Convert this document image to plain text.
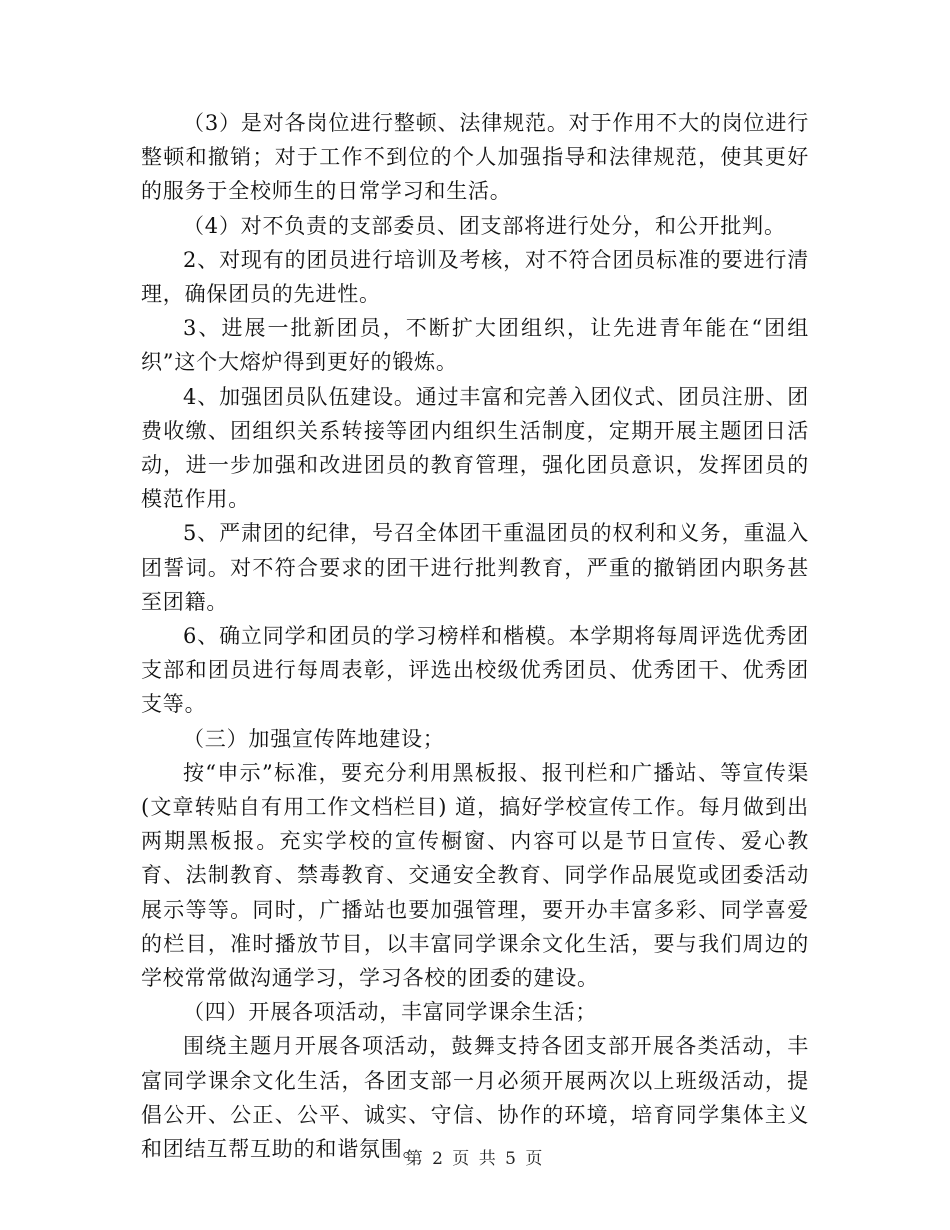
（3）是对各岗位进行整顿、法律规范。对于作用不大的岗位进行整顿和撤销；对于工作不到位的个人加强指导和法律规范，使其更好的服务于全校师生的日常学习和生活。

（4）对不负责的支部委员、团支部将进行处分，和公开批判。

2、对现有的团员进行培训及考核，对不符合团员标准的要进行清理，确保团员的先进性。

3、进展一批新团员，不断扩大团组织，让先进青年能在“团组织”这个大熔炉得到更好的锻炼。

4、加强团员队伍建设。通过丰富和完善入团仪式、团员注册、团费收缴、团组织关系转接等团内组织生活制度，定期开展主题团日活动，进一步加强和改进团员的教育管理，强化团员意识，发挥团员的模范作用。

5、严肃团的纪律，号召全体团干重温团员的权利和义务，重温入团誓词。对不符合要求的团干进行批判教育，严重的撤销团内职务甚至团籍。

6、确立同学和团员的学习榜样和楷模。本学期将每周评选优秀团支部和团员进行每周表彰，评选出校级优秀团员、优秀团干、优秀团支等。

（三）加强宣传阵地建设；

按“申示”标准，要充分利用黑板报、报刊栏和广播站、等宣传渠(文章转贴自有用工作文档栏目) 道，搞好学校宣传工作。每月做到出两期黑板报。充实学校的宣传橱窗、内容可以是节日宣传、爱心教育、法制教育、禁毒教育、交通安全教育、同学作品展览或团委活动展示等等。同时，广播站也要加强管理，要开办丰富多彩、同学喜爱的栏目，准时播放节目，以丰富同学课余文化生活，要与我们周边的学校常常做沟通学习，学习各校的团委的建设。

（四）开展各项活动，丰富同学课余生活；

围绕主题月开展各项活动，鼓舞支持各团支部开展各类活动，丰富同学课余文化生活，各团支部一月必须开展两次以上班级活动，提倡公开、公正、公平、诚实、守信、协作的环境，培育同学集体主义和团结互帮互助的和谐氛围。

第 2 页 共 5 页
